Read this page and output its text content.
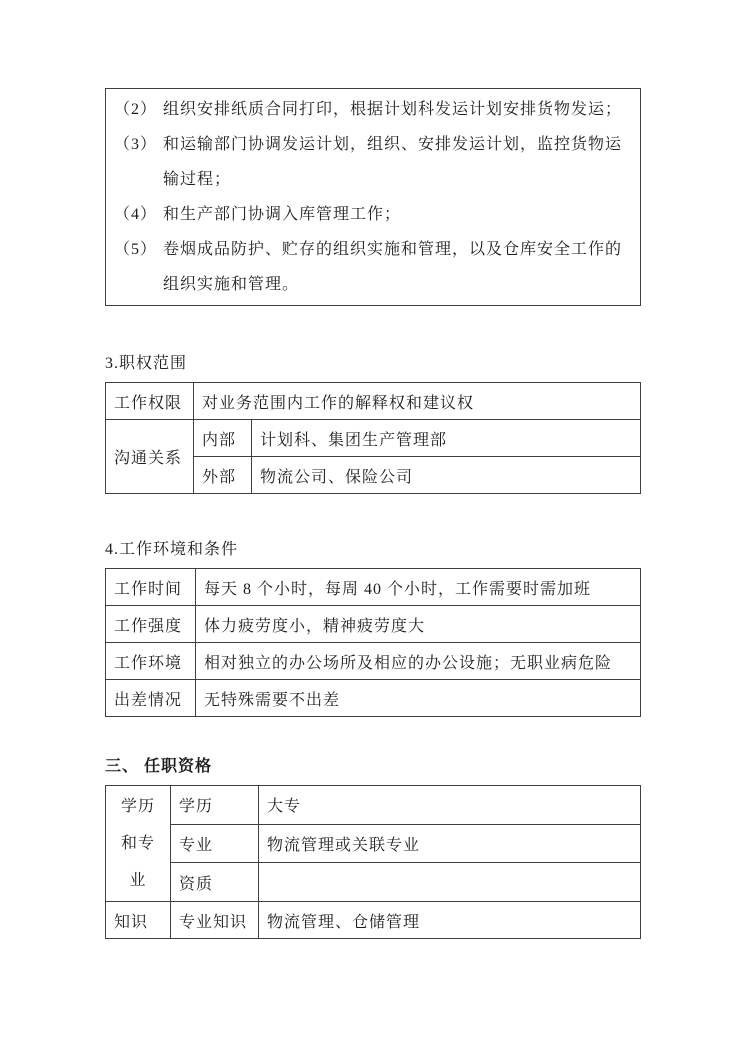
（2） 组织安排纸质合同打印，根据计划科发运计划安排货物发运；
（3） 和运输部门协调发运计划，组织、安排发运计划，监控货物运输过程；
（4） 和生产部门协调入库管理工作；
（5） 卷烟成品防护、贮存的组织实施和管理，以及仓库安全工作的组织实施和管理。
3.职权范围
工作权限	对业务范围内工作的解释权和建议权	
沟通关系	内部	计划科、集团生产管理部
	外部	物流公司、保险公司
4.工作环境和条件
工作时间	每天 8 个小时，每周 40 个小时，工作需要时需加班
工作强度	体力疲劳度小，精神疲劳度大
工作环境	相对独立的办公场所及相应的办公设施；无职业病危险
出差情况	无特殊需要不出差
三、 任职资格
学历和专业	学历	大专
	专业	物流管理或关联专业
	资质	
知识	专业知识	物流管理、仓储管理
